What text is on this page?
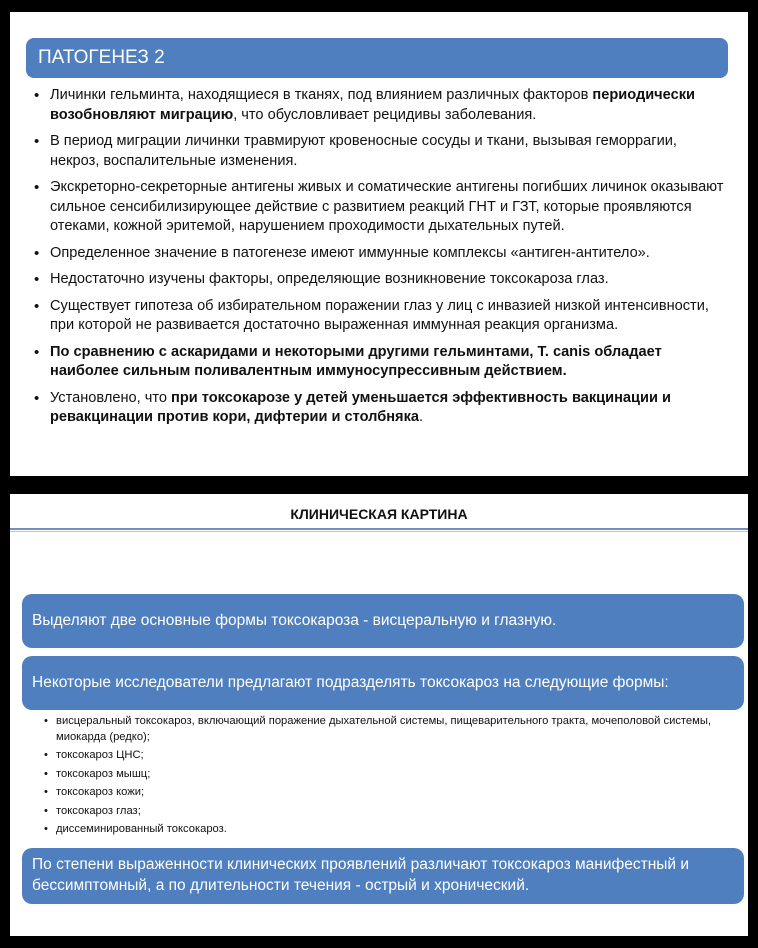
ПАТОГЕНЕЗ 2
• Личинки гельминта, находящиеся в тканях, под влиянием различных факторов периодически возобновляют миграцию, что обусловливает рецидивы заболевания.
• В период миграции личинки травмируют кровеносные сосуды и ткани, вызывая геморрагии, некроз, воспалительные изменения.
• Экскреторно-секреторные антигены живых и соматические антигены погибших личинок оказывают сильное сенсибилизирующее действие с развитием реакций ГНТ и ГЗТ, которые проявляются отеками, кожной эритемой, нарушением проходимости дыхательных путей.
• Определенное значение в патогенезе имеют иммунные комплексы «антиген-антитело».
• Недостаточно изучены факторы, определяющие возникновение токсокароза глаз.
• Существует гипотеза об избирательном поражении глаз у лиц с инвазией низкой интенсивности, при которой не развивается достаточно выраженная иммунная реакция организма.
• По сравнению с аскаридами и некоторыми другими гельминтами, T. canis обладает наиболее сильным поливалентным иммуносупрессивным действием.
• Установлено, что при токсокарозе у детей уменьшается эффективность вакцинации и ревакцинации против кори, дифтерии и столбняка.
КЛИНИЧЕСКАЯ КАРТИНА
Выделяют две основные формы токсокароза - висцеральную и глазную.
Некоторые исследователи предлагают подразделять токсокароз на следующие формы:
• висцеральный токсокароз, включающий поражение дыхательной системы, пищеварительного тракта, мочеполовой системы, миокарда (редко);
• токсокароз ЦНС;
• токсокароз мышц;
• токсокароз кожи;
• токсокароз глаз;
• диссеминированный токсокароз.
По степени выраженности клинических проявлений различают токсокароз манифестный и бессимптомный, а по длительности течения - острый и хронический.
